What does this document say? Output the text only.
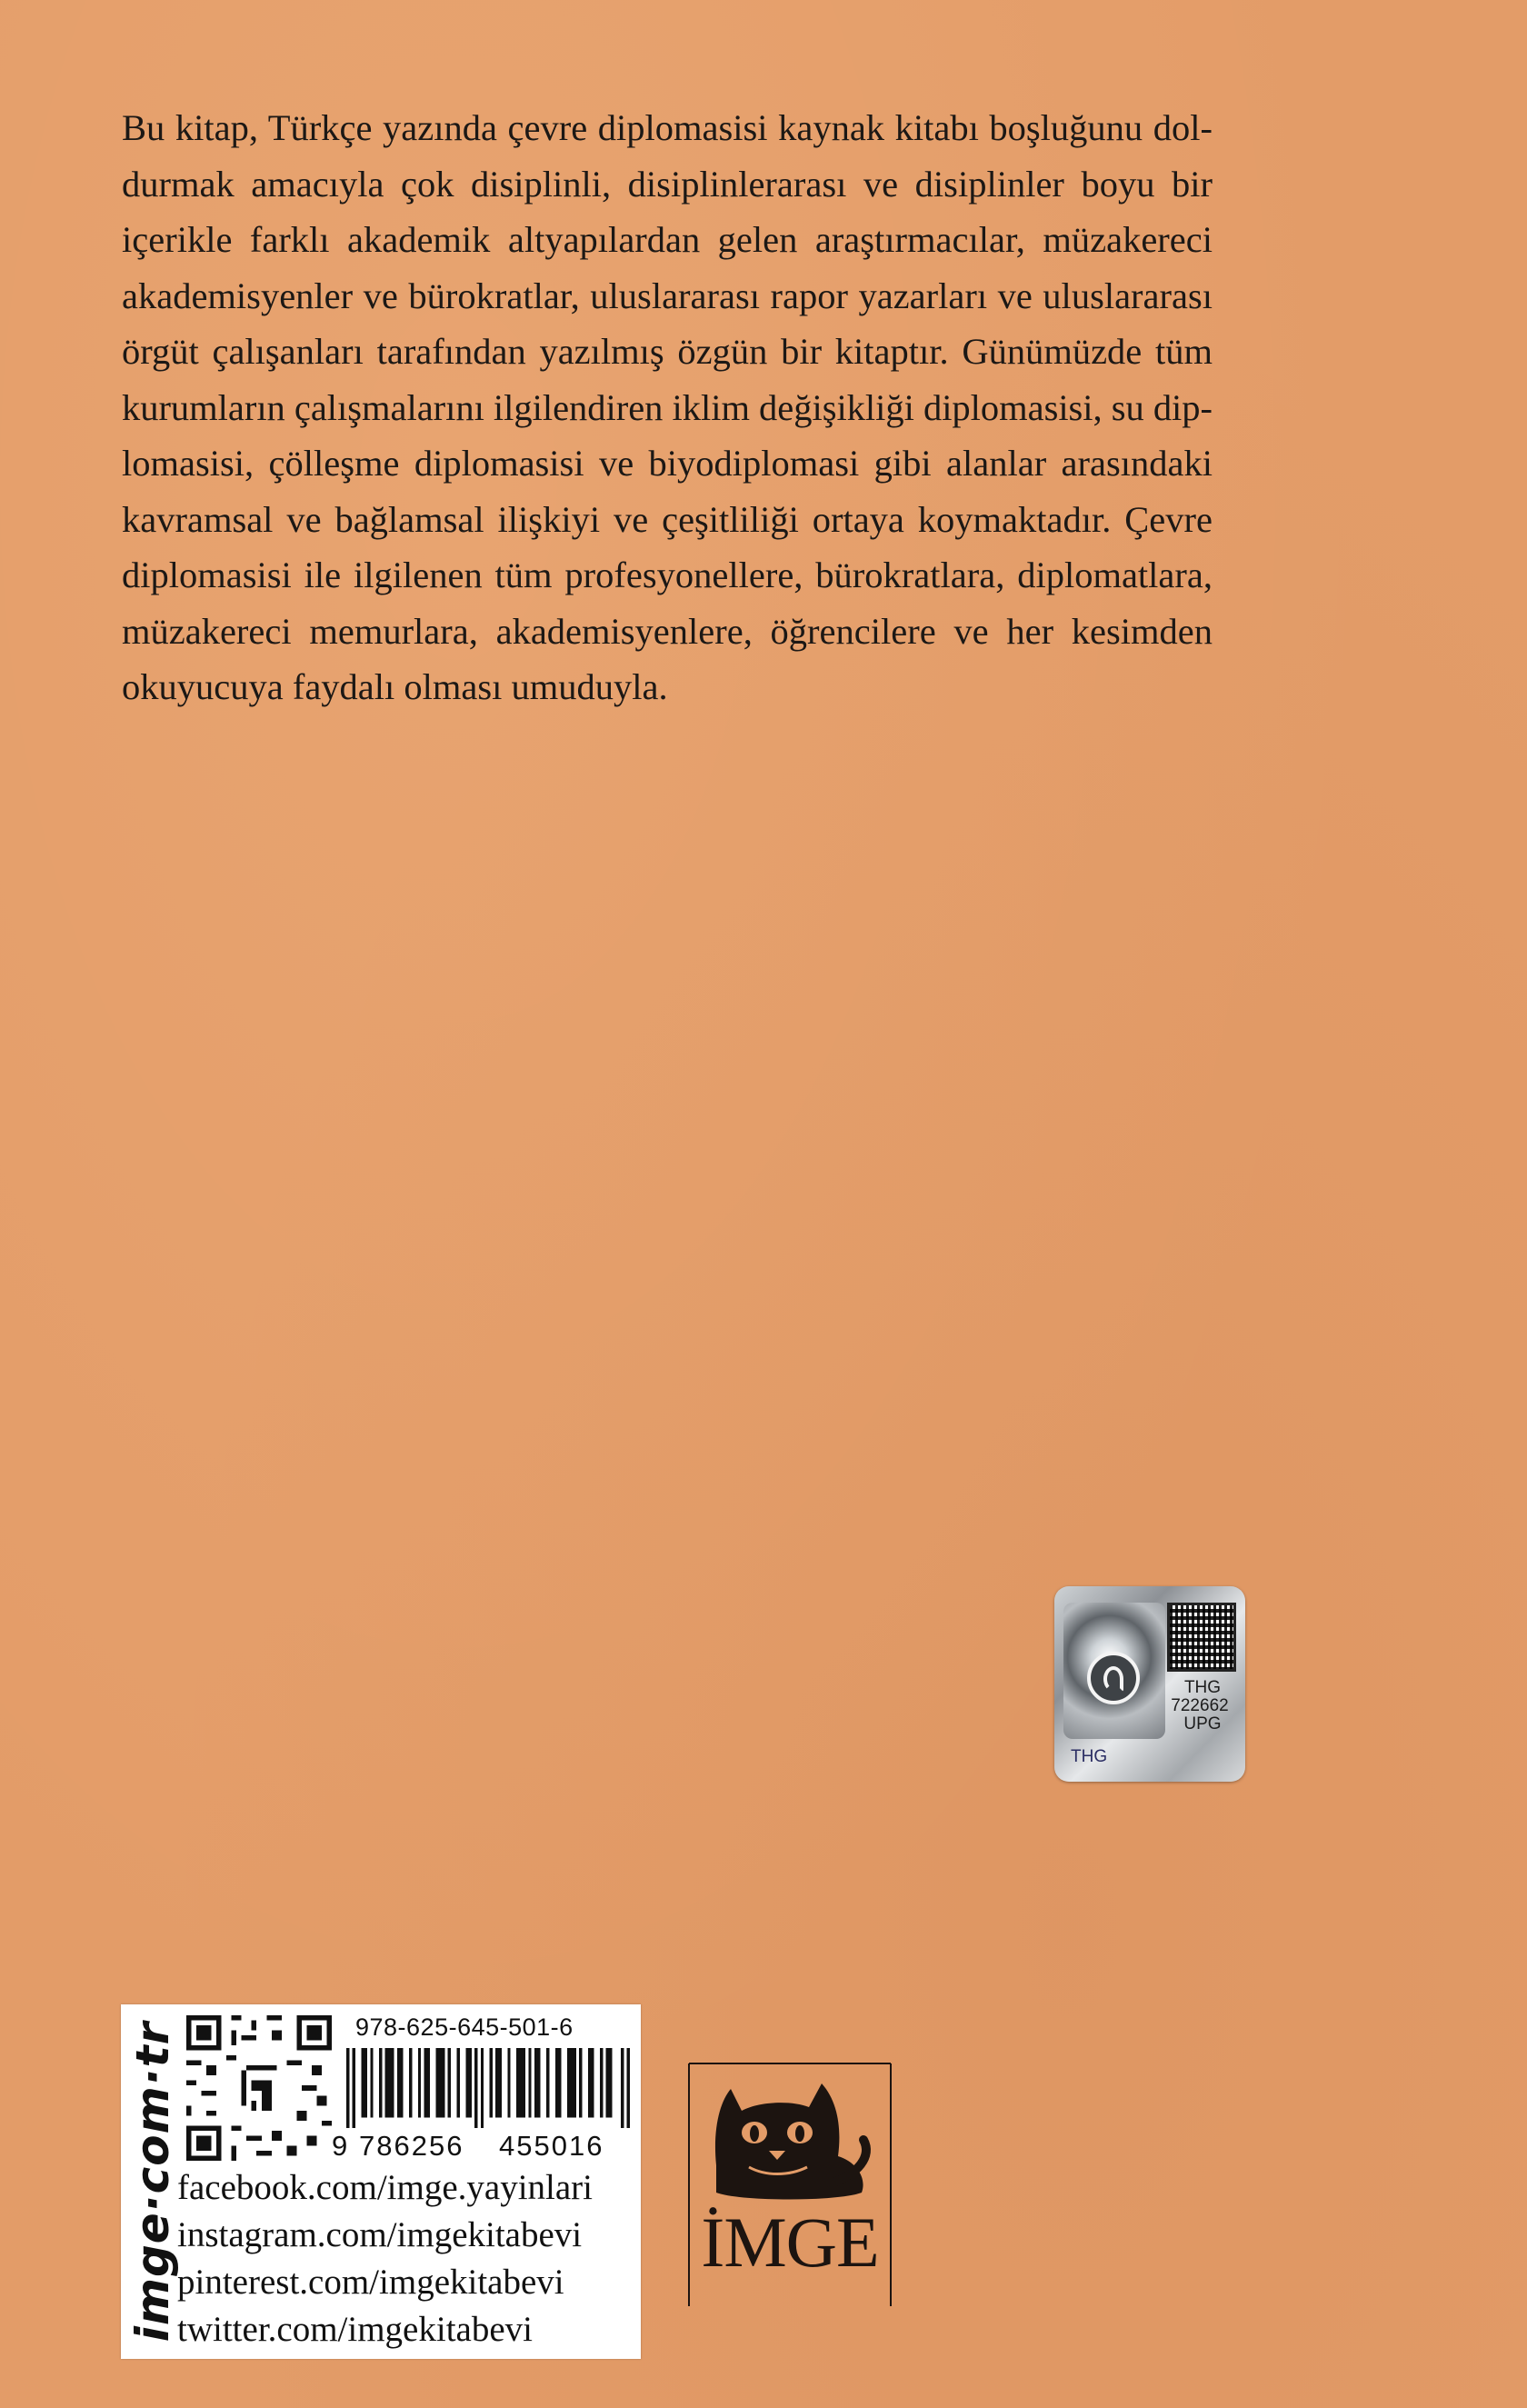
Bu kitap, Türkçe yazında çevre diplomasisi kaynak kitabı boşluğunu dol-
durmak amacıyla çok disiplinli, disiplinlerarası ve disiplinler boyu bir
içerikle farklı akademik altyapılardan gelen araştırmacılar, müzakereci
akademisyenler ve bürokratlar, uluslararası rapor yazarları ve uluslararası
örgüt çalışanları tarafından yazılmış özgün bir kitaptır. Günümüzde tüm
kurumların çalışmalarını ilgilendiren iklim değişikliği diplomasisi, su dip-
lomasisi, çölleşme diplomasisi ve biyodiplomasi gibi alanlar arasındaki
kavramsal ve bağlamsal ilişkiyi ve çeşitliliği ortaya koymaktadır. Çevre
diplomasisi ile ilgilenen tüm profesyonellere, bürokratlara, diplomatlara,
müzakereci memurlara, akademisyenlere, öğrencilere ve her kesimden
okuyucuya faydalı olması umuduyla.

THG
722662
UPG
THG
imge·com·tr	978-625-645-501-6
9 786256 455016
facebook.com/imge.yayinlari
instagram.com/imgekitabevi
pinterest.com/imgekitabevi
twitter.com/imgekitabevi
İMGE
